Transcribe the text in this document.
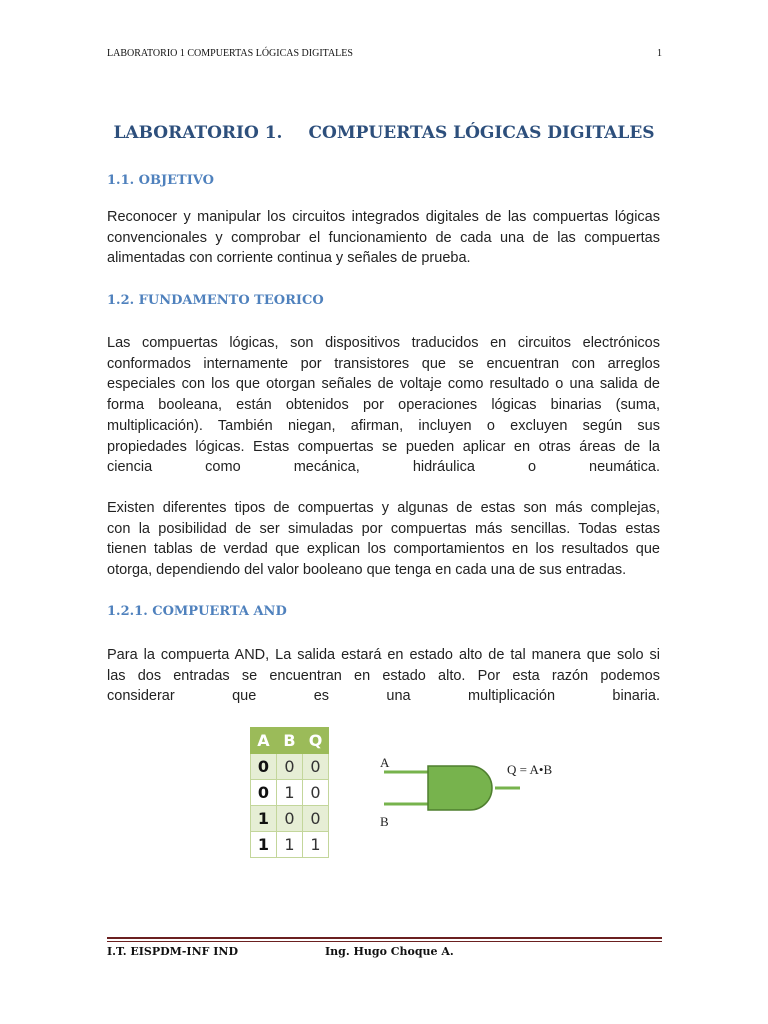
LABORATORIO 1 COMPUERTAS LÓGICAS DIGITALES	1
LABORATORIO 1. COMPUERTAS LÓGICAS DIGITALES
1.1. OBJETIVO
Reconocer y manipular los circuitos integrados digitales de las compuertas lógicas
convencionales y comprobar el funcionamiento de cada una de las compuertas
alimentadas con corriente continua y señales de prueba.
1.2. FUNDAMENTO TEORICO
Las compuertas lógicas, son dispositivos traducidos en circuitos electrónicos
conformados internamente por transistores que se encuentran con arreglos
especiales con los que otorgan señales de voltaje como resultado o una salida de
forma booleana, están obtenidos por operaciones lógicas binarias (suma,
multiplicación). También niegan, afirman, incluyen o excluyen según sus
propiedades lógicas. Estas compuertas se pueden aplicar en otras áreas de la
ciencia como mecánica, hidráulica o neumática.
Existen diferentes tipos de compuertas y algunas de estas son más complejas,
con la posibilidad de ser simuladas por compuertas más sencillas. Todas estas
tienen tablas de verdad que explican los comportamientos en los resultados que
otorga, dependiendo del valor booleano que tenga en cada una de sus entradas.
1.2.1. COMPUERTA AND
Para la compuerta AND, La salida estará en estado alto de tal manera que solo si
las dos entradas se encuentran en estado alto. Por esta razón podemos
considerar que es una multiplicación binaria.
A	B	Q
0	0	0
0	1	0
1	0	0
1	1	1
A
B
Q = A•B
I.T. EISPDM-INF IND	Ing. Hugo Choque A.
